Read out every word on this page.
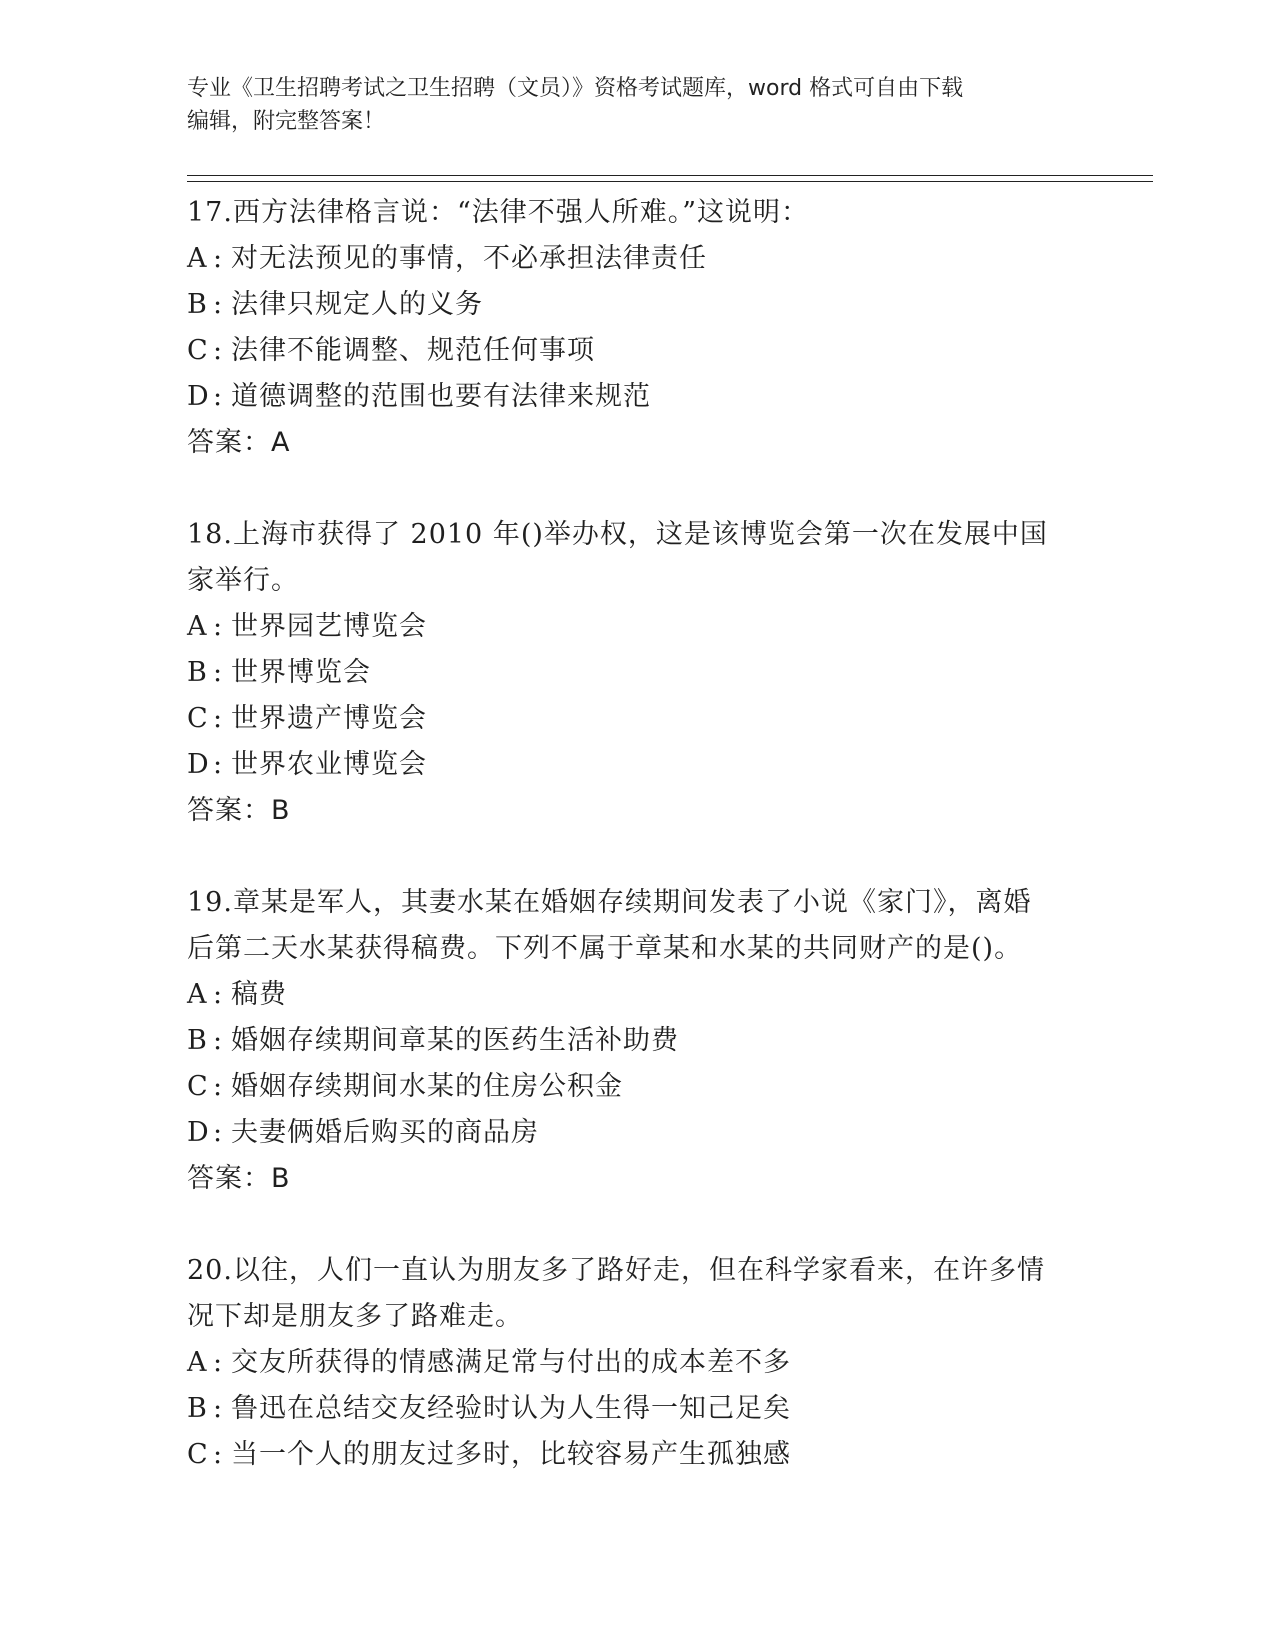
专业《卫生招聘考试之卫生招聘（文员）》资格考试题库，word 格式可自由下载
编辑，附完整答案！

17.西方法律格言说：“法律不强人所难。”这说明：

A : 对无法预见的事情，不必承担法律责任

B : 法律只规定人的义务

C : 法律不能调整、规范任何事项

D : 道德调整的范围也要有法律来规范

答案：A

18.上海市获得了 2010 年()举办权，这是该博览会第一次在发展中国

家举行。

A : 世界园艺博览会

B : 世界博览会

C : 世界遗产博览会

D : 世界农业博览会

答案：B

19.章某是军人，其妻水某在婚姻存续期间发表了小说《家门》，离婚

后第二天水某获得稿费。下列不属于章某和水某的共同财产的是()。

A : 稿费

B : 婚姻存续期间章某的医药生活补助费

C : 婚姻存续期间水某的住房公积金

D : 夫妻俩婚后购买的商品房

答案：B

20.以往，人们一直认为朋友多了路好走，但在科学家看来，在许多情

况下却是朋友多了路难走。

A : 交友所获得的情感满足常与付出的成本差不多

B : 鲁迅在总结交友经验时认为人生得一知己足矣

C : 当一个人的朋友过多时，比较容易产生孤独感
